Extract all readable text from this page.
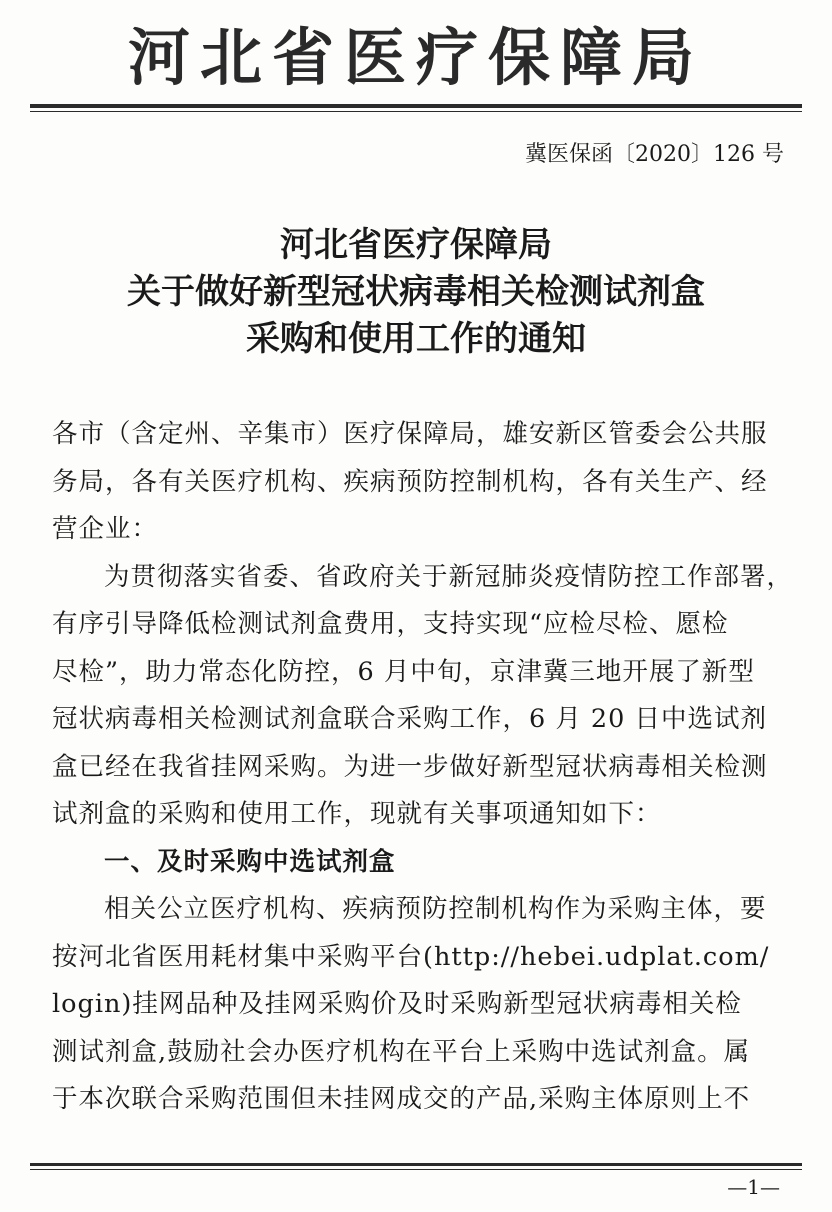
河北省医疗保障局
冀医保函〔2020〕126 号
河北省医疗保障局
关于做好新型冠状病毒相关检测试剂盒
采购和使用工作的通知
各市（含定州、辛集市）医疗保障局，雄安新区管委会公共服
务局，各有关医疗机构、疾病预防控制机构，各有关生产、经
营企业：
为贯彻落实省委、省政府关于新冠肺炎疫情防控工作部署，
有序引导降低检测试剂盒费用，支持实现“应检尽检、愿检
尽检”，助力常态化防控，6 月中旬，京津冀三地开展了新型
冠状病毒相关检测试剂盒联合采购工作，6 月 20 日中选试剂
盒已经在我省挂网采购。为进一步做好新型冠状病毒相关检测
试剂盒的采购和使用工作，现就有关事项通知如下：
一、及时采购中选试剂盒
相关公立医疗机构、疾病预防控制机构作为采购主体，要
按河北省医用耗材集中采购平台(http://hebei.udplat.com/
login)挂网品种及挂网采购价及时采购新型冠状病毒相关检
测试剂盒,鼓励社会办医疗机构在平台上采购中选试剂盒。属
于本次联合采购范围但未挂网成交的产品,采购主体原则上不
—1—
